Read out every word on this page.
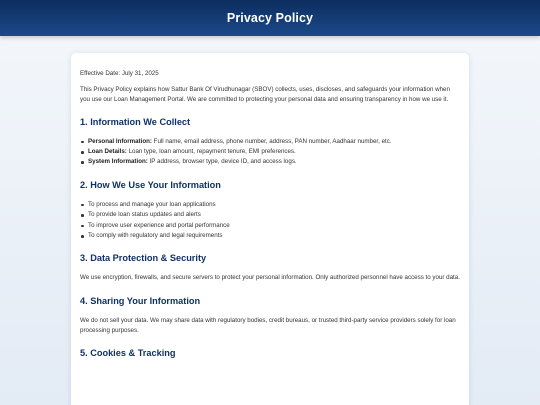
Privacy Policy

Effective Date: July 31, 2025

This Privacy Policy explains how Sattur Bank Of Virudhunagar (SBOV) collects, uses, discloses, and safeguards your information when you use our Loan Management Portal. We are committed to protecting your personal data and ensuring transparency in how we use it.

1. Information We Collect
Personal Information: Full name, email address, phone number, address, PAN number, Aadhaar number, etc.
Loan Details: Loan type, loan amount, repayment tenure, EMI preferences.
System Information: IP address, browser type, device ID, and access logs.
2. How We Use Your Information
To process and manage your loan applications
To provide loan status updates and alerts
To improve user experience and portal performance
To comply with regulatory and legal requirements
3. Data Protection & Security

We use encryption, firewalls, and secure servers to protect your personal information. Only authorized personnel have access to your data.

4. Sharing Your Information

We do not sell your data. We may share data with regulatory bodies, credit bureaus, or trusted third-party service providers solely for loan processing purposes.

5. Cookies & Tracking
